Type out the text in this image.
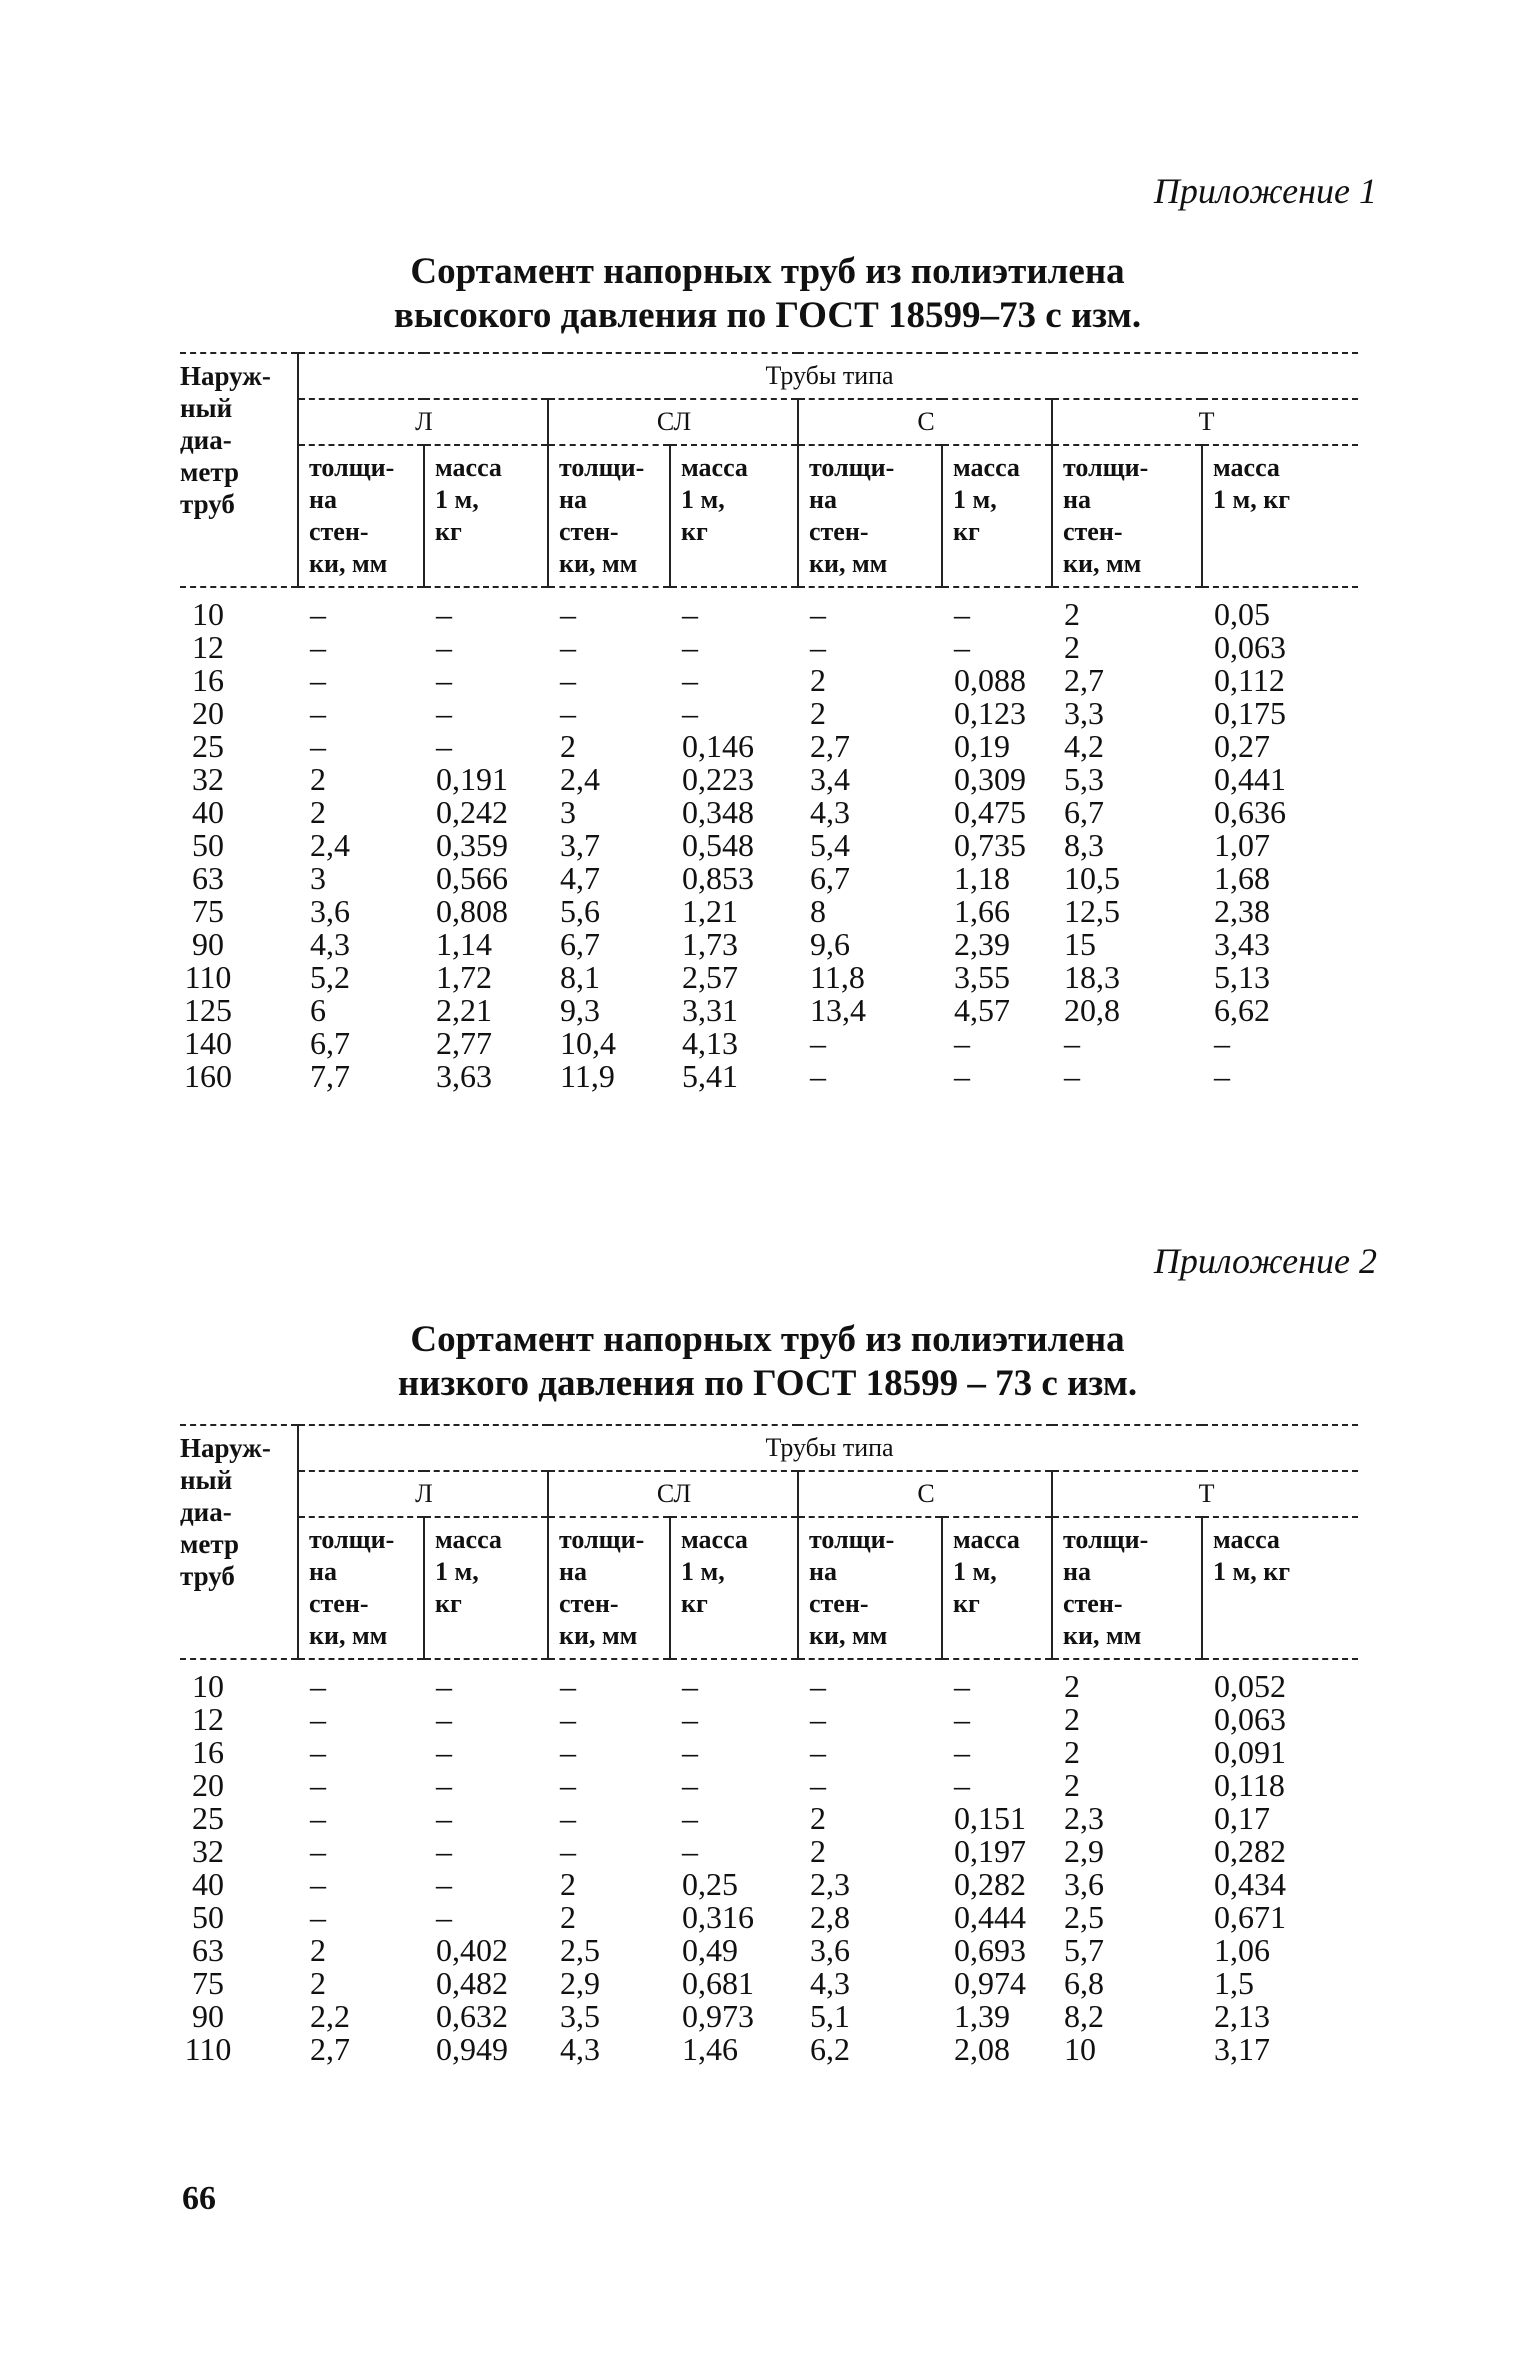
Приложение 1
Сортамент напорных труб из полиэтилена
высокого давления по ГОСТ 18599–73 с изм.
Наруж-
ный
диа-
метр
труб	Трубы типа							
	Л		СЛ		С		Т	
	толщи-
на
стен-
ки, мм	масса
1 м,
кг	толщи-
на
стен-
ки, мм	масса
1 м,
кг	толщи-
на
стен-
ки, мм	масса
1 м,
кг	толщи-
на
стен-
ки, мм	масса
1 м, кг
10	–	–	–	–	–	–	2	0,05
12	–	–	–	–	–	–	2	0,063
16	–	–	–	–	2	0,088	2,7	0,112
20	–	–	–	–	2	0,123	3,3	0,175
25	–	–	2	0,146	2,7	0,19	4,2	0,27
32	2	0,191	2,4	0,223	3,4	0,309	5,3	0,441
40	2	0,242	3	0,348	4,3	0,475	6,7	0,636
50	2,4	0,359	3,7	0,548	5,4	0,735	8,3	1,07
63	3	0,566	4,7	0,853	6,7	1,18	10,5	1,68
75	3,6	0,808	5,6	1,21	8	1,66	12,5	2,38
90	4,3	1,14	6,7	1,73	9,6	2,39	15	3,43
110	5,2	1,72	8,1	2,57	11,8	3,55	18,3	5,13
125	6	2,21	9,3	3,31	13,4	4,57	20,8	6,62
140	6,7	2,77	10,4	4,13	–	–	–	–
160	7,7	3,63	11,9	5,41	–	–	–	–
Приложение 2
Сортамент напорных труб из полиэтилена
низкого давления по ГОСТ 18599 – 73 с изм.
Наруж-
ный
диа-
метр
труб	Трубы типа							
	Л		СЛ		С		Т	
	толщи-
на
стен-
ки, мм	масса
1 м,
кг	толщи-
на
стен-
ки, мм	масса
1 м,
кг	толщи-
на
стен-
ки, мм	масса
1 м,
кг	толщи-
на
стен-
ки, мм	масса
1 м, кг
10	–	–	–	–	–	–	2	0,052
12	–	–	–	–	–	–	2	0,063
16	–	–	–	–	–	–	2	0,091
20	–	–	–	–	–	–	2	0,118
25	–	–	–	–	2	0,151	2,3	0,17
32	–	–	–	–	2	0,197	2,9	0,282
40	–	–	2	0,25	2,3	0,282	3,6	0,434
50	–	–	2	0,316	2,8	0,444	2,5	0,671
63	2	0,402	2,5	0,49	3,6	0,693	5,7	1,06
75	2	0,482	2,9	0,681	4,3	0,974	6,8	1,5
90	2,2	0,632	3,5	0,973	5,1	1,39	8,2	2,13
110	2,7	0,949	4,3	1,46	6,2	2,08	10	3,17
66
